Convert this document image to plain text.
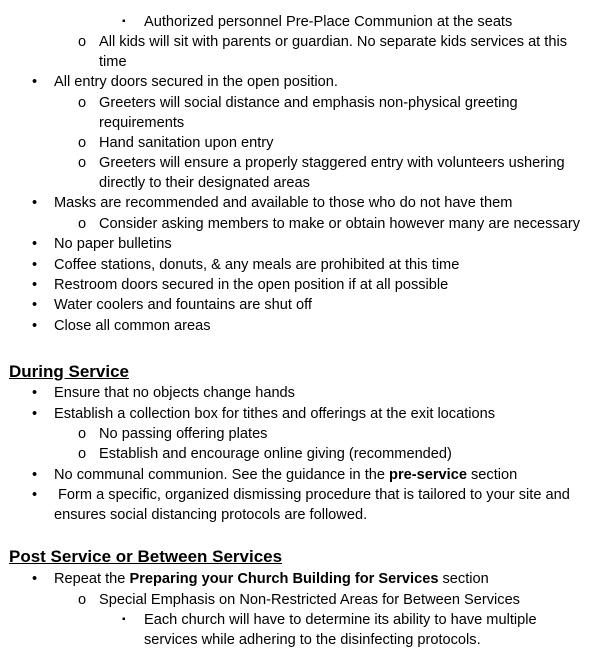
▪ Authorized personnel Pre-Place Communion at the seats
o All kids will sit with parents or guardian. No separate kids services at this time
• All entry doors secured in the open position.
o Greeters will social distance and emphasis non-physical greeting requirements
o Hand sanitation upon entry
o Greeters will ensure a properly staggered entry with volunteers ushering directly to their designated areas
• Masks are recommended and available to those who do not have them
o Consider asking members to make or obtain however many are necessary
• No paper bulletins
• Coffee stations, donuts, & any meals are prohibited at this time
• Restroom doors secured in the open position if at all possible
• Water coolers and fountains are shut off
• Close all common areas
During Service
• Ensure that no objects change hands
• Establish a collection box for tithes and offerings at the exit locations
o No passing offering plates
o Establish and encourage online giving (recommended)
• No communal communion. See the guidance in the pre-service section
• Form a specific, organized dismissing procedure that is tailored to your site and ensures social distancing protocols are followed.
Post Service or Between Services
• Repeat the Preparing your Church Building for Services section
o Special Emphasis on Non-Restricted Areas for Between Services
▪ Each church will have to determine its ability to have multiple services while adhering to the disinfecting protocols.
